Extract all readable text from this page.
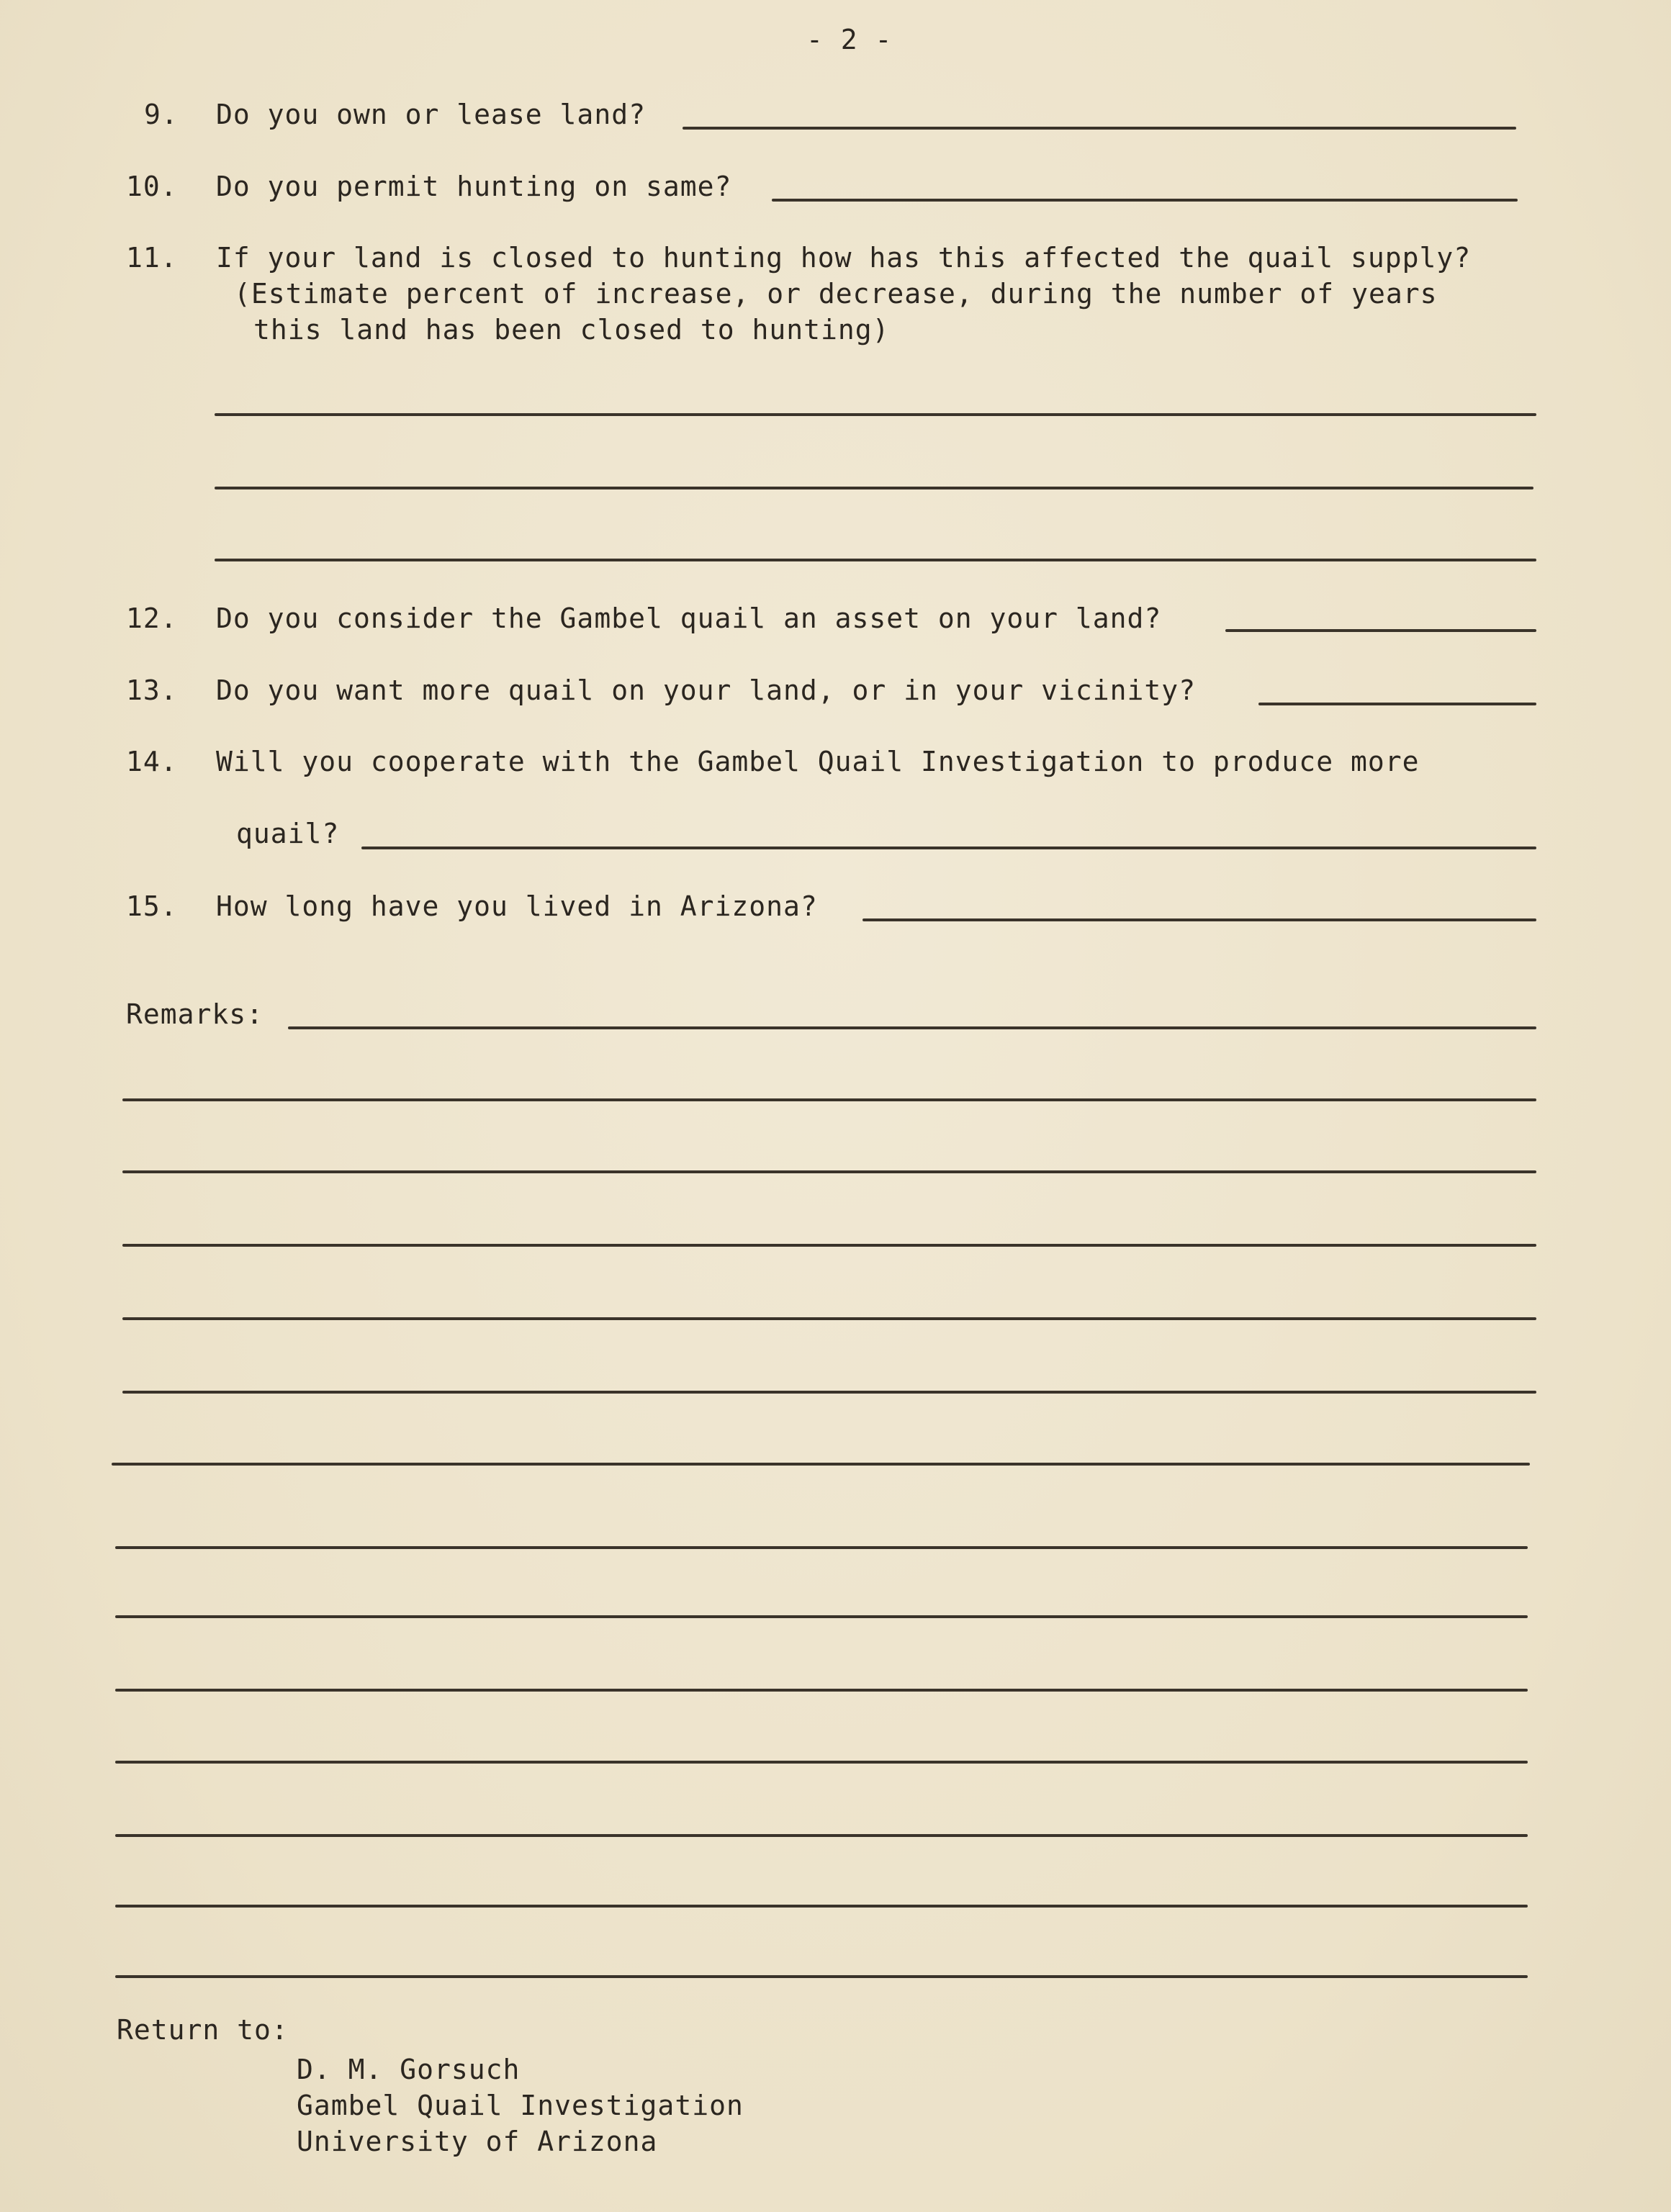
- 2 -
9. Do you own or lease land?
10. Do you permit hunting on same?
11. If your land is closed to hunting how has this affected the quail supply?
(Estimate percent of increase, or decrease, during the number of years
this land has been closed to hunting)
12. Do you consider the Gambel quail an asset on your land?
13. Do you want more quail on your land, or in your vicinity?
14. Will you cooperate with the Gambel Quail Investigation to produce more
quail?
15. How long have you lived in Arizona?
Remarks:
Return to:
D. M. Gorsuch
Gambel Quail Investigation
University of Arizona
